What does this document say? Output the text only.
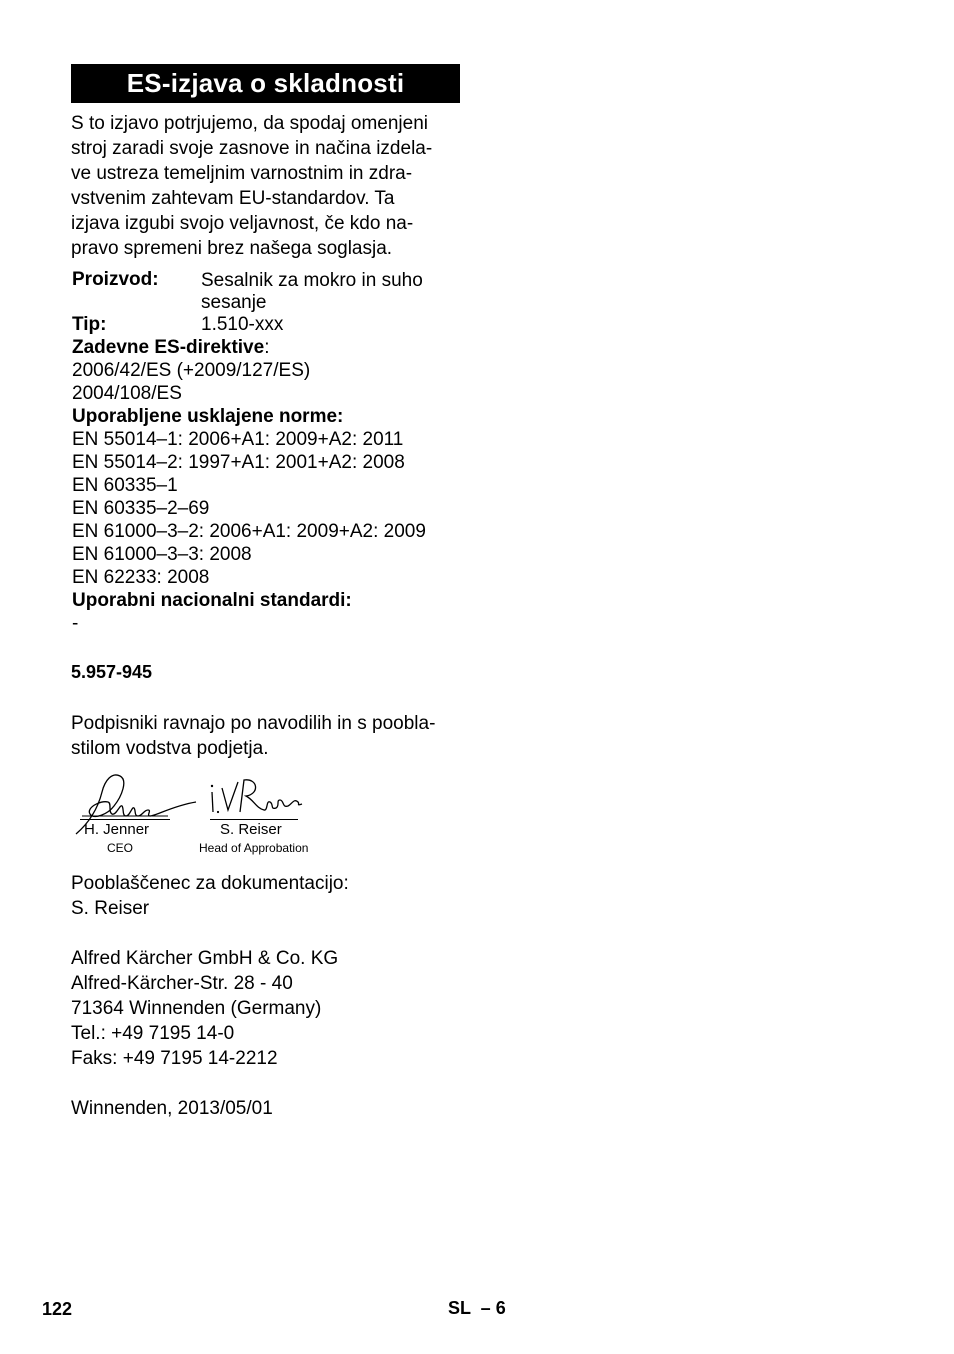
ES-izjava o skladnosti
S to izjavo potrjujemo, da spodaj omenjeni
stroj zaradi svoje zasnove in načina izdela-
ve ustreza temeljnim varnostnim in zdra-
vstvenim zahtevam EU-standardov. Ta
izjava izgubi svojo veljavnost, če kdo na-
pravo spremeni brez našega soglasja.
Proizvod:	Sesalnik za mokro in suho
sesanje
Tip:	1.510-xxx
Zadevne ES-direktive:
2006/42/ES (+2009/127/ES)
2004/108/ES
Uporabljene usklajene norme:
EN 55014–1: 2006+A1: 2009+A2: 2011
EN 55014–2: 1997+A1: 2001+A2: 2008
EN 60335–1
EN 60335–2–69
EN 61000–3–2: 2006+A1: 2009+A2: 2009
EN 61000–3–3: 2008
EN 62233: 2008
Uporabni nacionalni standardi:
-
5.957-945
Podpisniki ravnajo po navodilih in s poobla-
stilom vodstva podjetja.
H. Jenner	S. Reiser
CEO	Head of Approbation
Pooblaščenec za dokumentacijo:
S. Reiser
Alfred Kärcher GmbH & Co. KG
Alfred-Kärcher-Str. 28 - 40
71364 Winnenden (Germany)
Tel.: +49 7195 14-0
Faks: +49 7195 14-2212
Winnenden, 2013/05/01
122	SL  – 6
